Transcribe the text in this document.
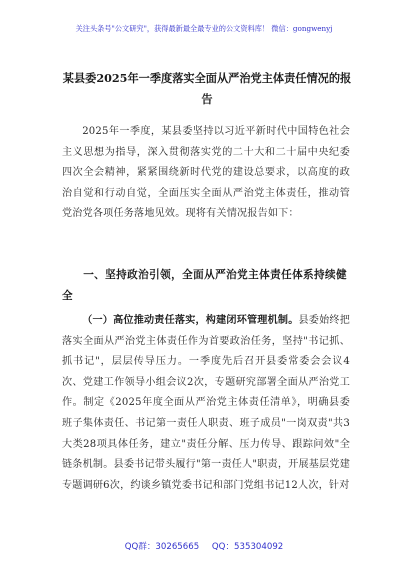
关注头条号"公文研究"，获得最新最全最专业的公文资料库！ 微信：gongwenyj
某县委2025年一季度落实全面从严治党主体责任情况的报告
2025年一季度，某县委坚持以习近平新时代中国特色社会主义思想为指导，深入贯彻落实党的二十大和二十届中央纪委四次全会精神，紧紧围绕新时代党的建设总要求，以高度的政治自觉和行动自觉，全面压实全面从严治党主体责任，推动管党治党各项任务落地见效。现将有关情况报告如下：
一、坚持政治引领，全面从严治党主体责任体系持续健全
（一）高位推动责任落实，构建闭环管理机制。县委始终把落实全面从严治党主体责任作为首要政治任务，坚持"书记抓、抓书记"，层层传导压力。一季度先后召开县委常委会会议4次、党建工作领导小组会议2次，专题研究部署全面从严治党工作。制定《2025年度全面从严治党主体责任清单》，明确县委班子集体责任、书记第一责任人职责、班子成员"一岗双责"共3大类28项具体任务，建立"责任分解、压力传导、跟踪问效"全链条机制。县委书记带头履行"第一责任人"职责，开展基层党建专题调研6次，约谈乡镇党委书记和部门党组书记12人次，针对
QQ群：30265665 QQ：535304092
